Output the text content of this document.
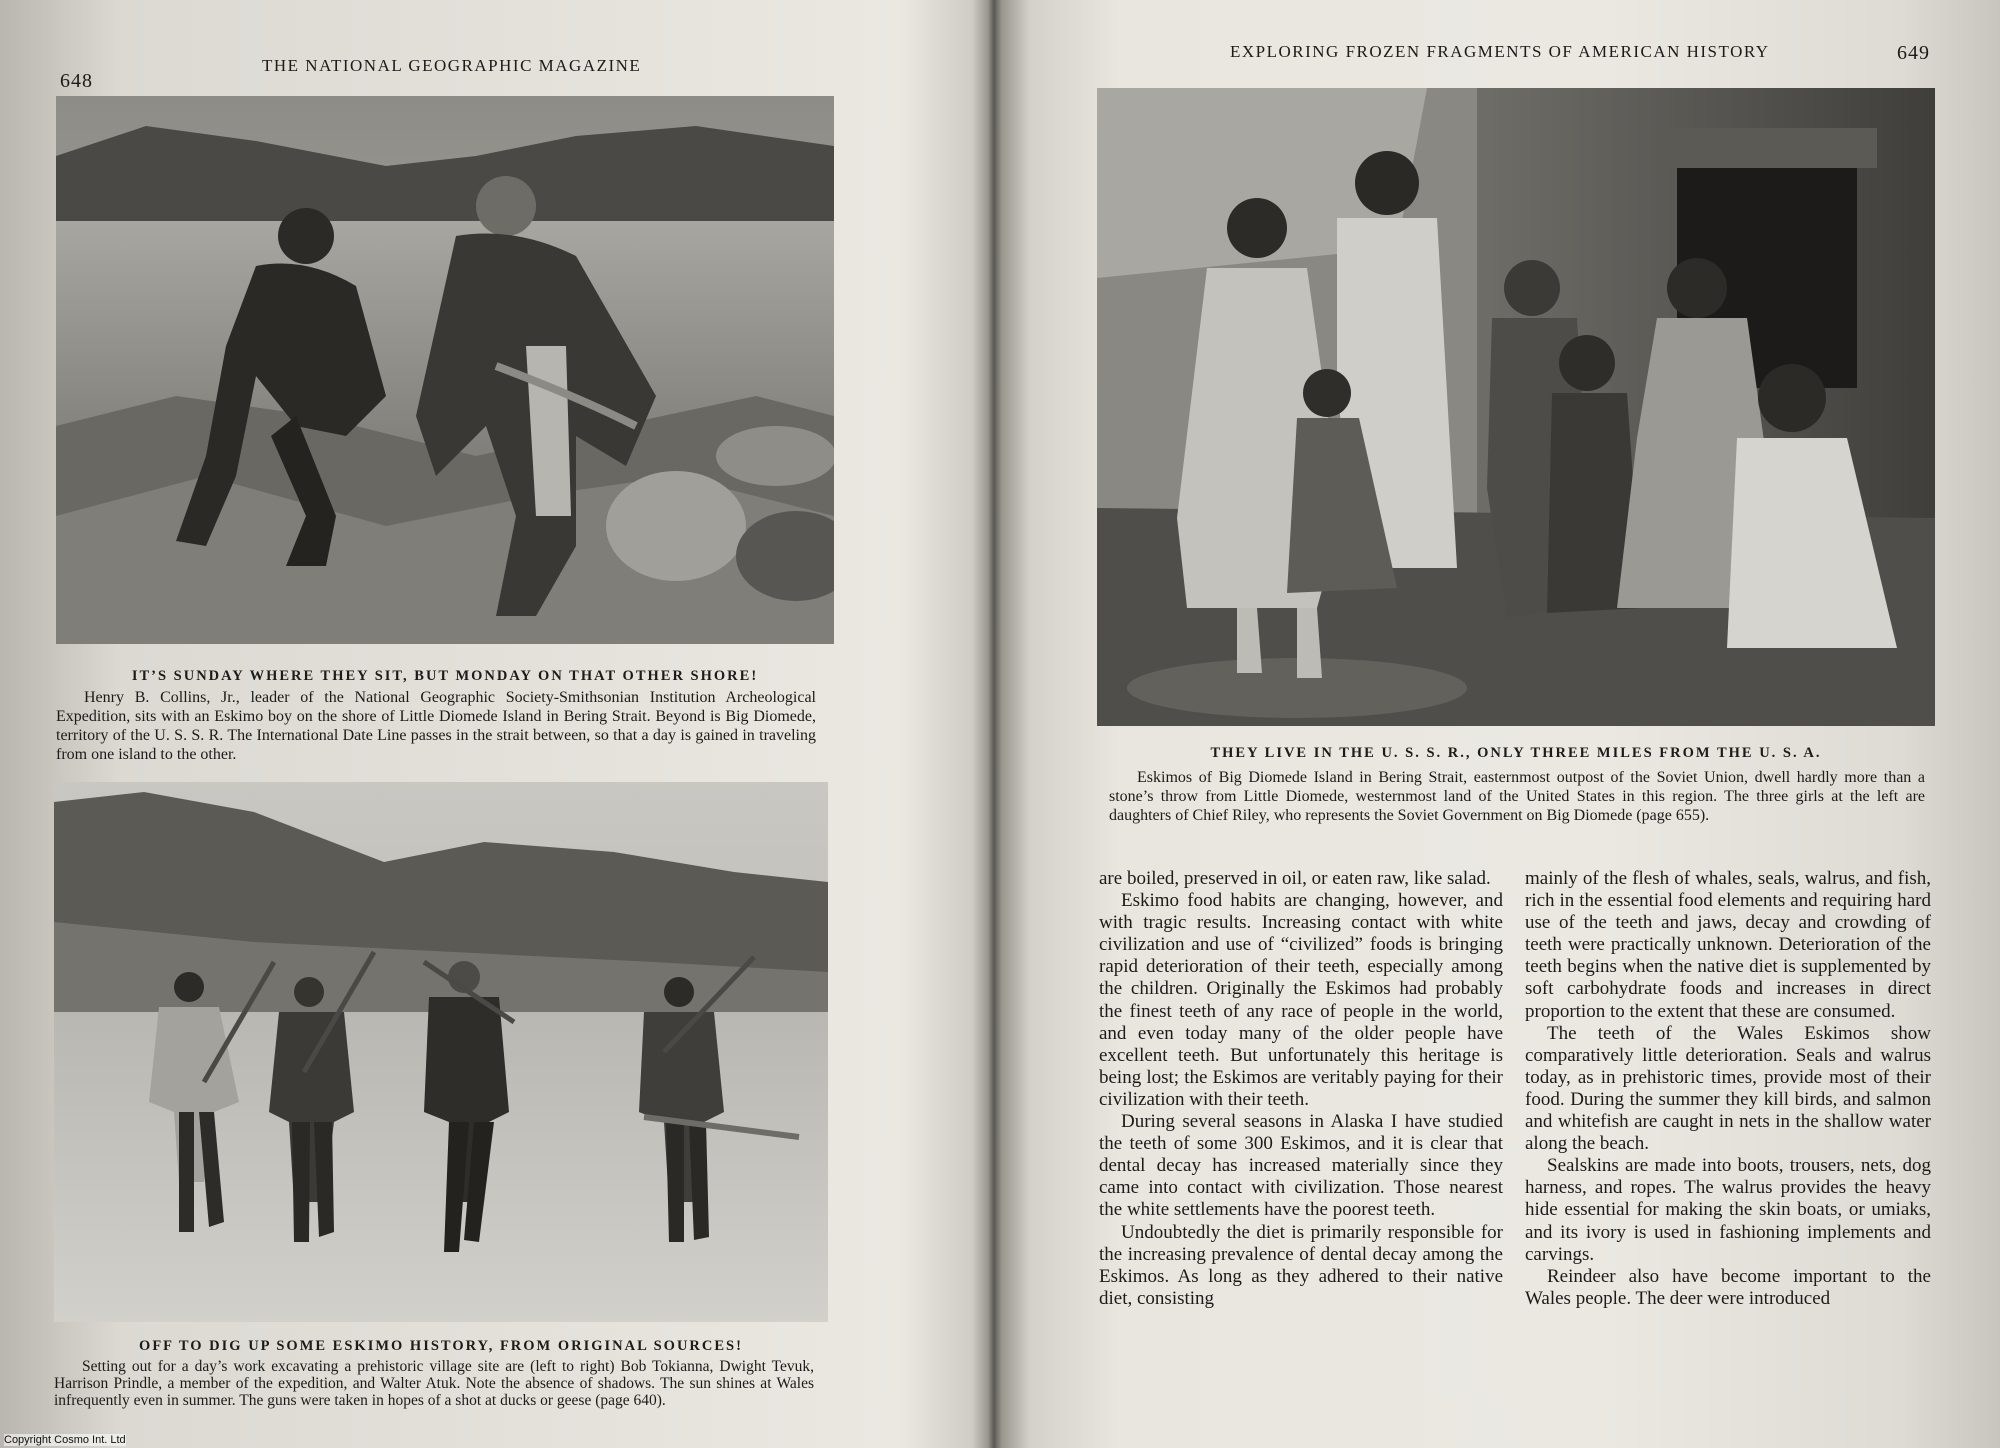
648
THE NATIONAL GEOGRAPHIC MAGAZINE
IT’S SUNDAY WHERE THEY SIT, BUT MONDAY ON THAT OTHER SHORE!
Henry B. Collins, Jr., leader of the National Geographic Society-Smithsonian Institution Archeological Expedition, sits with an Eskimo boy on the shore of Little Diomede Island in Bering Strait. Beyond is Big Diomede, territory of the U. S. S. R. The International Date Line passes in the strait between, so that a day is gained in traveling from one island to the other.
OFF TO DIG UP SOME ESKIMO HISTORY, FROM ORIGINAL SOURCES!
Setting out for a day’s work excavating a prehistoric village site are (left to right) Bob Tokianna, Dwight Tevuk, Harrison Prindle, a member of the expedition, and Walter Atuk. Note the absence of shadows. The sun shines at Wales infrequently even in summer. The guns were taken in hopes of a shot at ducks or geese (page 640).
EXPLORING FROZEN FRAGMENTS OF AMERICAN HISTORY	649
THEY LIVE IN THE U. S. S. R., ONLY THREE MILES FROM THE U. S. A.
Eskimos of Big Diomede Island in Bering Strait, easternmost outpost of the Soviet Union, dwell hardly more than a stone’s throw from Little Diomede, westernmost land of the United States in this region. The three girls at the left are daughters of Chief Riley, who represents the Soviet Government on Big Diomede (page 655).

are boiled, preserved in oil, or eaten raw, like salad.

Eskimo food habits are changing, however, and with tragic results. Increasing contact with white civilization and use of “civilized” foods is bringing rapid deterioration of their teeth, especially among the children. Originally the Eskimos had probably the finest teeth of any race of people in the world, and even today many of the older people have excellent teeth. But unfortunately this heritage is being lost; the Eskimos are veritably paying for their civilization with their teeth.

During several seasons in Alaska I have studied the teeth of some 300 Eskimos, and it is clear that dental decay has increased materially since they came into contact with civilization. Those nearest the white settlements have the poorest teeth.

Undoubtedly the diet is primarily responsible for the increasing prevalence of dental decay among the Eskimos. As long as they adhered to their native diet, consisting

mainly of the flesh of whales, seals, walrus, and fish, rich in the essential food elements and requiring hard use of the teeth and jaws, decay and crowding of teeth were practically unknown. Deterioration of the teeth begins when the native diet is supplemented by soft carbohydrate foods and increases in direct proportion to the extent that these are consumed.

The teeth of the Wales Eskimos show comparatively little deterioration. Seals and walrus today, as in prehistoric times, provide most of their food. During the summer they kill birds, and salmon and whitefish are caught in nets in the shallow water along the beach.

Sealskins are made into boots, trousers, nets, dog harness, and ropes. The walrus provides the heavy hide essential for making the skin boats, or umiaks, and its ivory is used in fashioning implements and carvings.

Reindeer also have become important to the Wales people. The deer were introduced

Copyright Cosmo Int. Ltd
